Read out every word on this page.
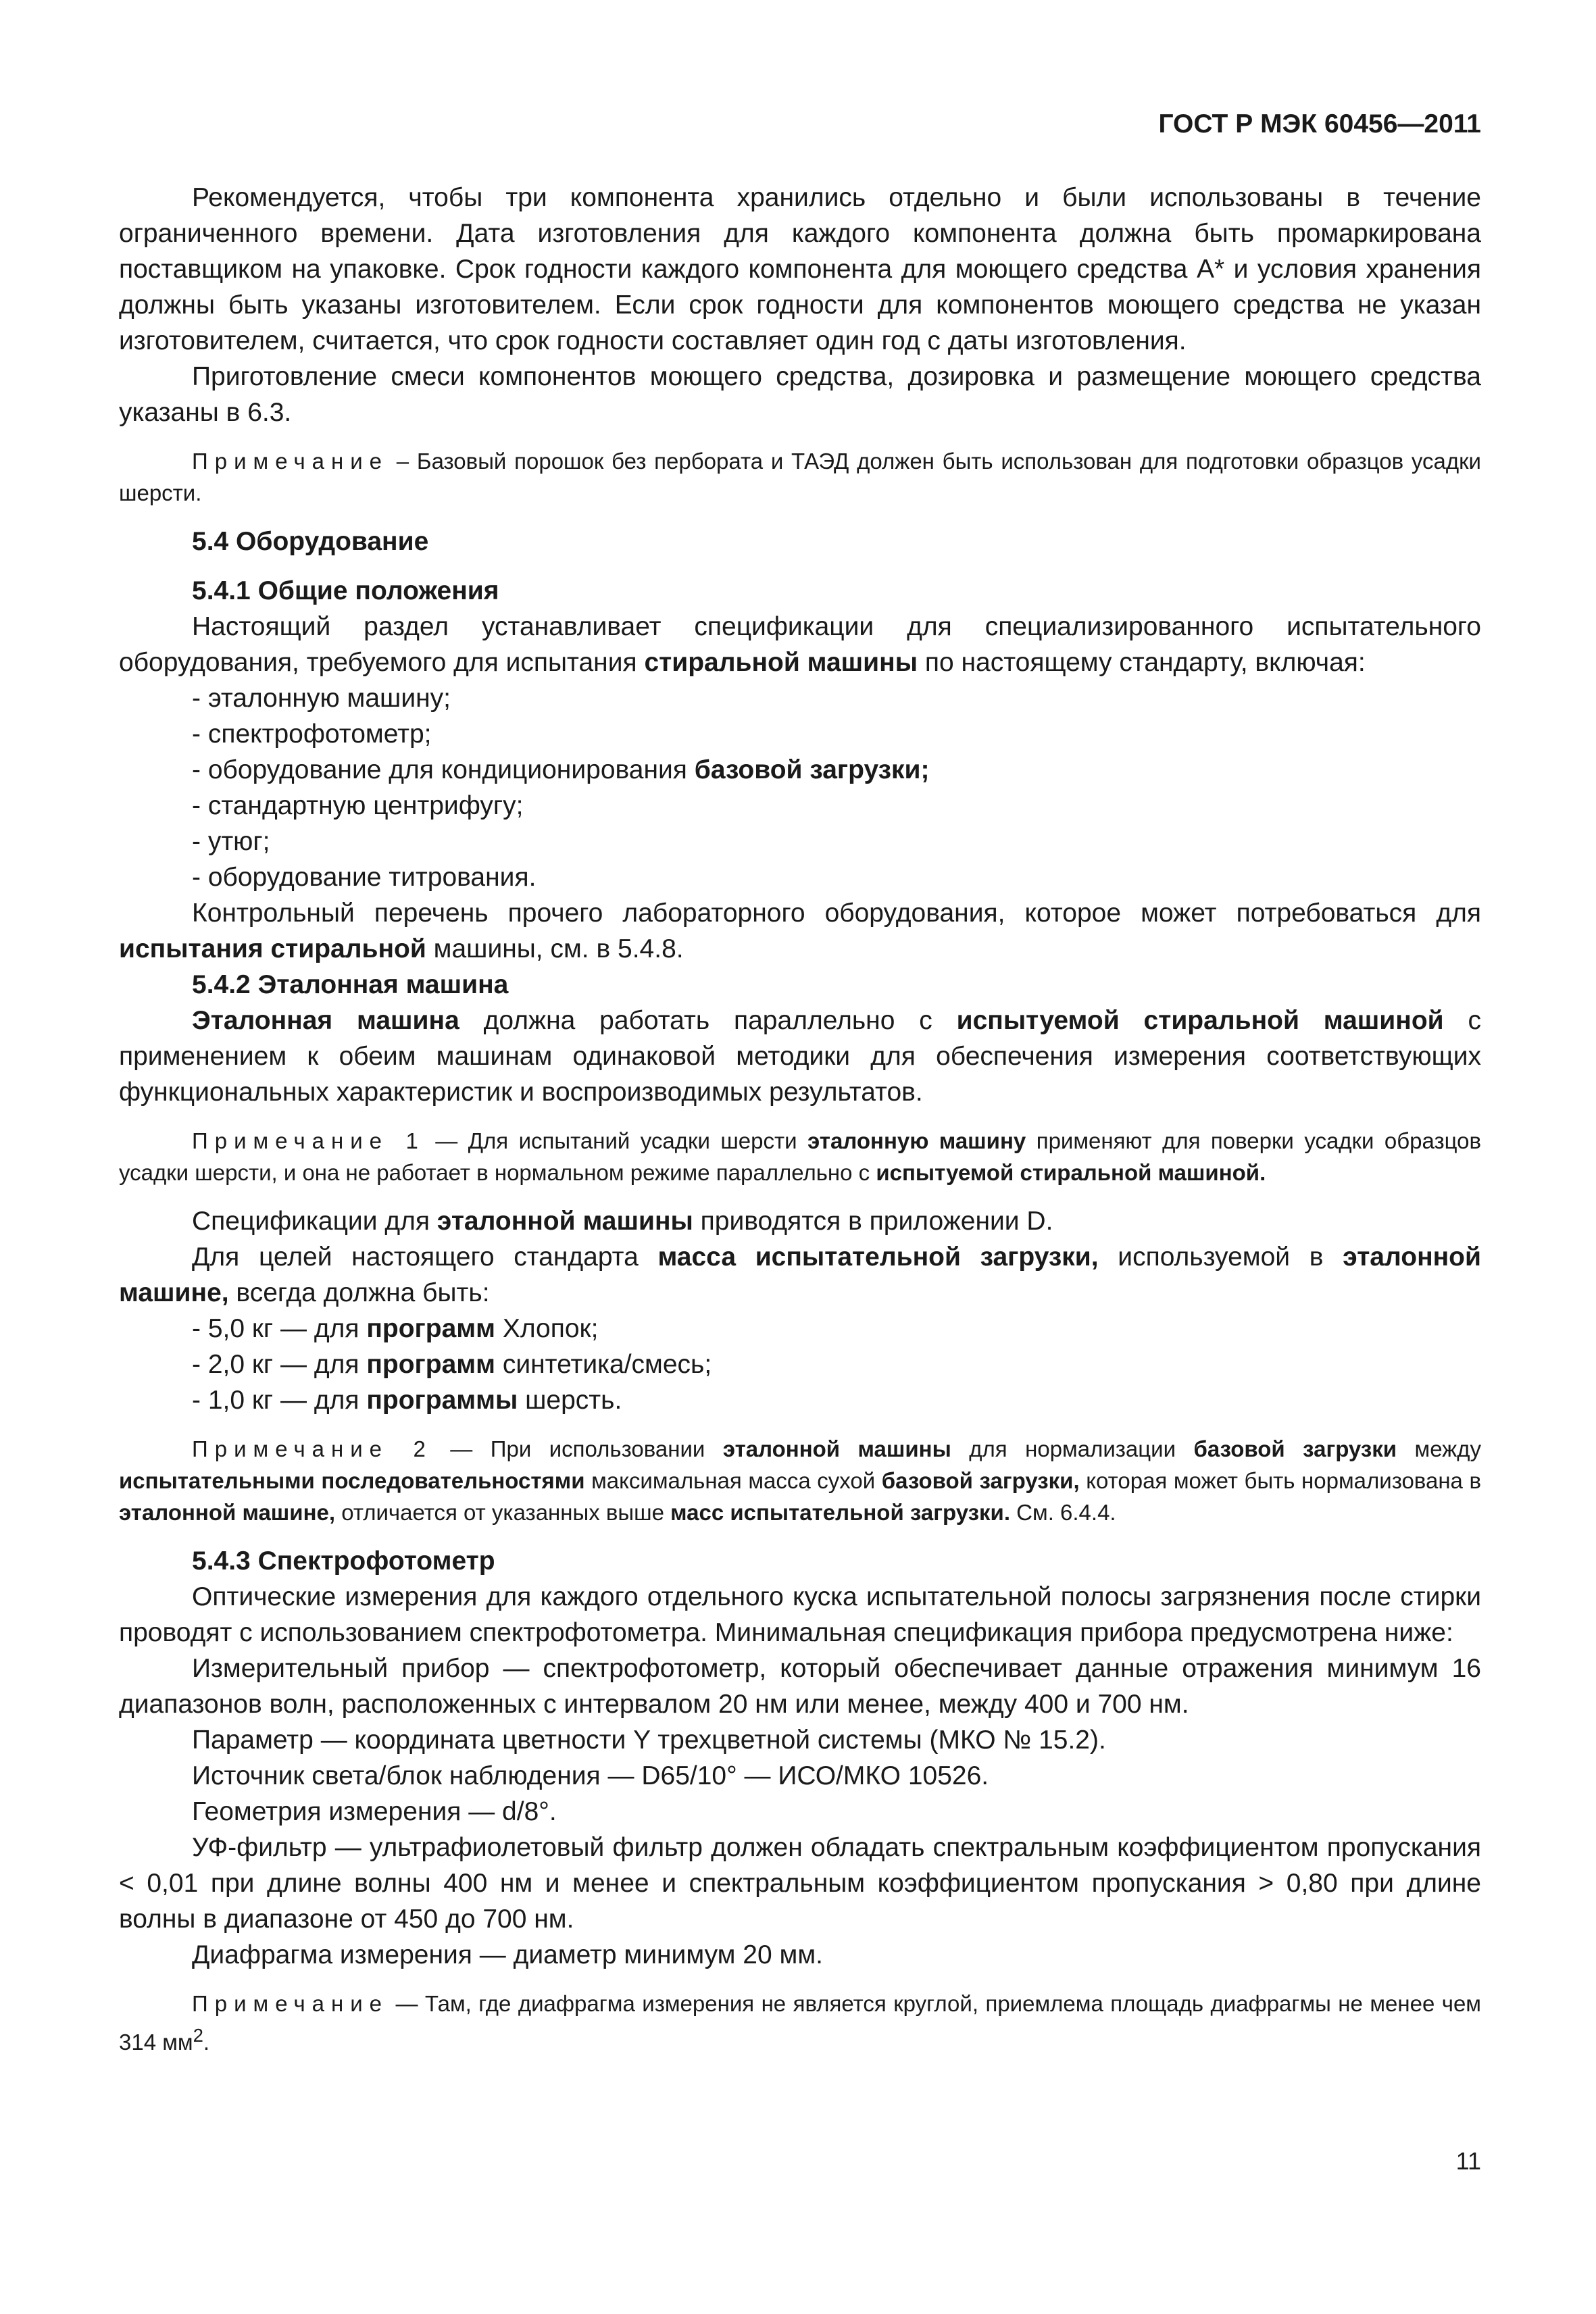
ГОСТ Р МЭК 60456—2011

Рекомендуется, чтобы три компонента хранились отдельно и были использованы в течение ограниченного времени. Дата изготовления для каждого компонента должна быть промаркирована поставщиком на упаковке. Срок годности каждого компонента для моющего средства А* и условия хранения должны быть указаны изготовителем. Если срок годности для компонентов моющего средства не указан изготовителем, считается, что срок годности составляет один год с даты изготовления.

Приготовление смеси компонентов моющего средства, дозировка и размещение моющего средства указаны в 6.3.

Примечание – Базовый порошок без пербората и ТАЭД должен быть использован для подготовки образцов усадки шерсти.

5.4 Оборудование

5.4.1 Общие положения

Настоящий раздел устанавливает спецификации для специализированного испытательного оборудования, требуемого для испытания стиральной машины по настоящему стандарту, включая:

- эталонную машину;

- спектрофотометр;

- оборудование для кондиционирования базовой загрузки;

- стандартную центрифугу;

- утюг;

- оборудование титрования.

Контрольный перечень прочего лабораторного оборудования, которое может потребоваться для испытания стиральной машины, см. в 5.4.8.

5.4.2 Эталонная машина

Эталонная машина должна работать параллельно с испытуемой стиральной машиной с применением к обеим машинам одинаковой методики для обеспечения измерения соответствующих функциональных характеристик и воспроизводимых результатов.

Примечание 1 — Для испытаний усадки шерсти эталонную машину применяют для поверки усадки образцов усадки шерсти, и она не работает в нормальном режиме параллельно с испытуемой стиральной машиной.

Спецификации для эталонной машины приводятся в приложении D.

Для целей настоящего стандарта масса испытательной загрузки, используемой в эталонной машине, всегда должна быть:

- 5,0 кг — для программ Хлопок;

- 2,0 кг — для программ синтетика/смесь;

- 1,0 кг — для программы шерсть.

Примечание 2 — При использовании эталонной машины для нормализации базовой загрузки между испытательными последовательностями максимальная масса сухой базовой загрузки, которая может быть нормализована в эталонной машине, отличается от указанных выше масс испытательной загрузки. См. 6.4.4.

5.4.3 Спектрофотометр

Оптические измерения для каждого отдельного куска испытательной полосы загрязнения после стирки проводят с использованием спектрофотометра. Минимальная спецификация прибора предусмотрена ниже:

Измерительный прибор — спектрофотометр, который обеспечивает данные отражения минимум 16 диапазонов волн, расположенных с интервалом 20 нм или менее, между 400 и 700 нм.

Параметр — координата цветности Y трехцветной системы (МКО № 15.2).

Источник света/блок наблюдения — D65/10° — ИСО/МКО 10526.

Геометрия измерения — d/8°.

УФ-фильтр — ультрафиолетовый фильтр должен обладать спектральным коэффициентом пропускания < 0,01 при длине волны 400 нм и менее и спектральным коэффициентом пропускания > 0,80 при длине волны в диапазоне от 450 до 700 нм.

Диафрагма измерения — диаметр минимум 20 мм.

Примечание — Там, где диафрагма измерения не является круглой, приемлема площадь диафрагмы не менее чем 314 $мм^2$.

11
